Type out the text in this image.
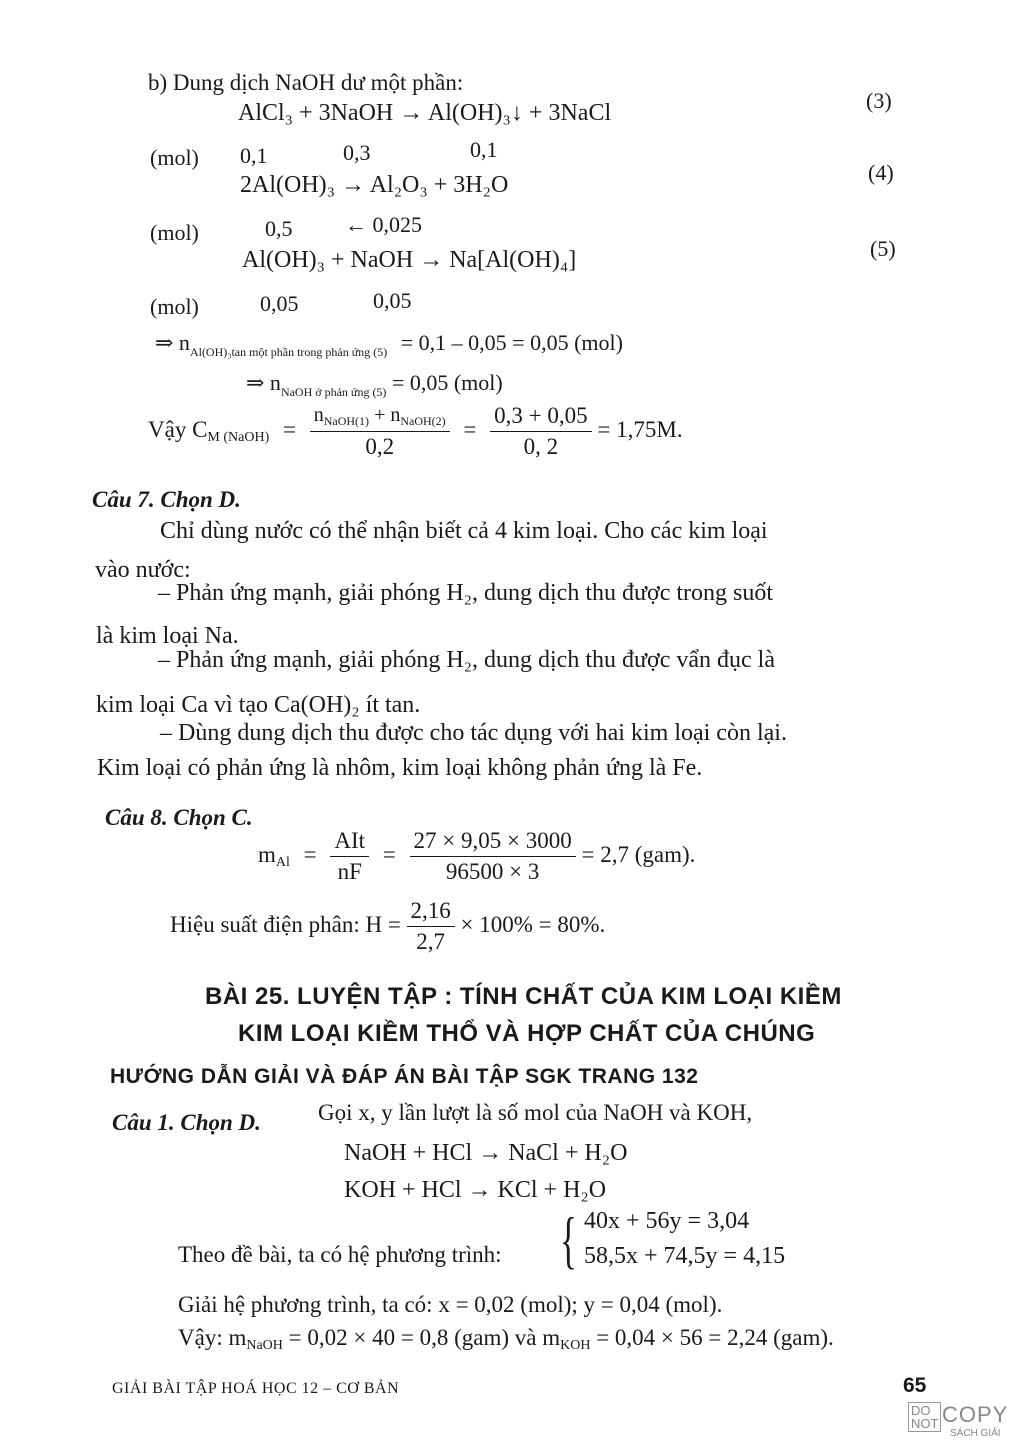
b) Dung dịch NaOH dư một phần:
AlCl₃ + 3NaOH → Al(OH)₃↓ + 3NaCl	(3)
(mol) 0,1	0,3	0,1
2Al(OH)₃ → Al₂O₃ + 3H₂O	(4)
(mol)	0,5 ← 0,025
Al(OH)₃ + NaOH → Na[Al(OH)₄]	(5)
(mol)	0,05	0,05
⇒ $n_{Al(OH)_3tan một phần trong phản ứng (5)} = 0,1 - 0,05 = 0,05$ (mol)
⇒ $n_{NaOH ở phản ứng (5)} = 0,05$ (mol)
Vậy $C_{M (NaOH)} = \frac{n_{NaOH(1)} + n_{NaOH(2)}}{0,2} = \frac{0,3 + 0,05}{0, 2} = 1,75M$.
Câu 7. Chọn D.
Chỉ dùng nước có thể nhận biết cả 4 kim loại. Cho các kim loại
vào nước:
– Phản ứng mạnh, giải phóng H₂, dung dịch thu được trong suốt
là kim loại Na.
– Phản ứng mạnh, giải phóng H₂, dung dịch thu được vẩn đục là
kim loại Ca vì tạo Ca(OH)₂ ít tan.
– Dùng dung dịch thu được cho tác dụng với hai kim loại còn lại.
Kim loại có phản ứng là nhôm, kim loại không phản ứng là Fe.
Câu 8. Chọn C.
$m_{Al} = \frac{\text{AIt}}{nF} = \frac{27 \times 9,05 \times 3000}{96500 \times 3} = 2,7$ (gam).
Hiệu suất điện phân: $H = \frac{2,16}{2,7} \times 100\% = 80\%$.
BÀI 25. LUYỆN TẬP : TÍNH CHẤT CỦA KIM LOẠI KIỀM
KIM LOẠI KIỀM THỔ VÀ HỢP CHẤT CỦA CHÚNG
HƯỚNG DẪN GIẢI VÀ ĐÁP ÁN BÀI TẬP SGK TRANG 132
Câu 1. Chọn D. Gọi x, y lần lượt là số mol của NaOH và KOH,
NaOH + HCl → NaCl + H₂O
KOH + HCl → KCl + H₂O
Theo đề bài, ta có hệ phương trình: { 40x + 56y = 3,04
58,5x + 74,5y = 4,15
Giải hệ phương trình, ta có: x = 0,02 (mol); y = 0,04 (mol).
Vậy: $m_{NaOH} = 0,02 \times 40 = 0,8$ (gam) và $m_{KOH} = 0,04 \times 56 = 2,24$ (gam).
GIẢI BÀI TẬP HOÁ HỌC 12 – CƠ BẢN	65
DO
NOT COPY
SÁCH GIẢI
